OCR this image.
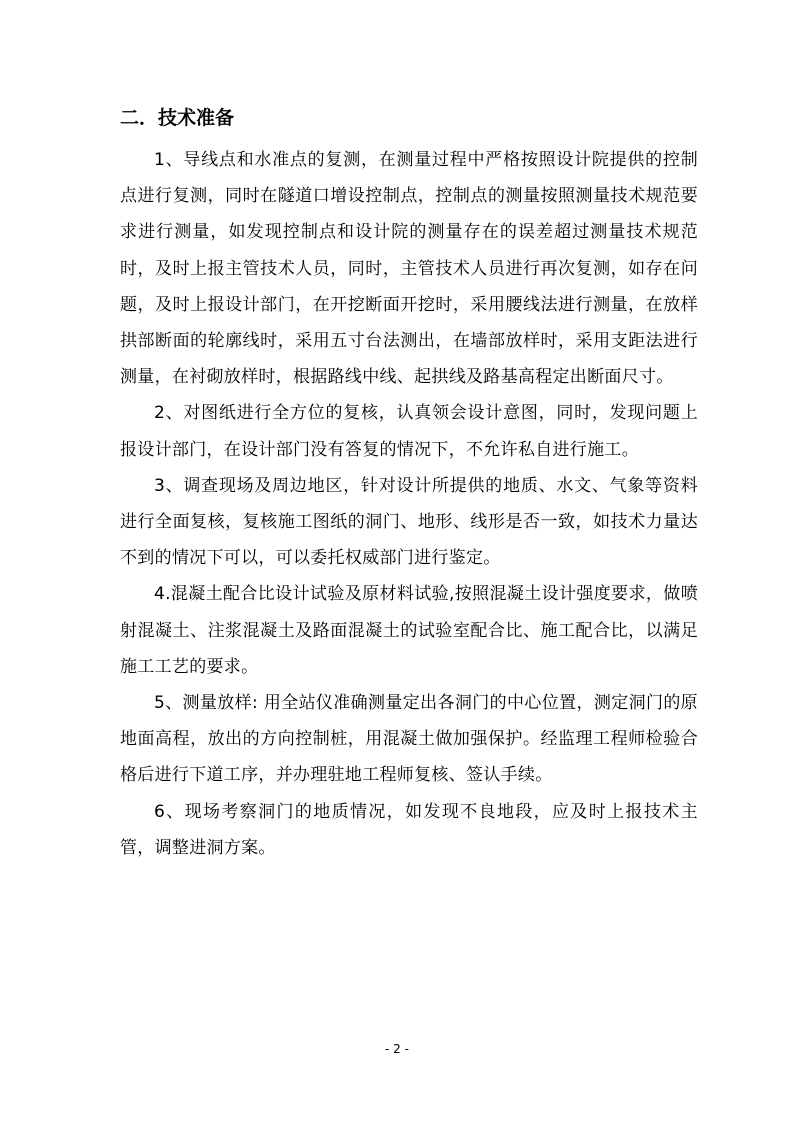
二．技术准备

1、导线点和水准点的复测，在测量过程中严格按照设计院提供的控制点进行复测，同时在隧道口增设控制点，控制点的测量按照测量技术规范要求进行测量，如发现控制点和设计院的测量存在的误差超过测量技术规范时，及时上报主管技术人员，同时，主管技术人员进行再次复测，如存在问题，及时上报设计部门，在开挖断面开挖时，采用腰线法进行测量，在放样拱部断面的轮廓线时，采用五寸台法测出，在墙部放样时，采用支距法进行测量，在衬砌放样时，根据路线中线、起拱线及路基高程定出断面尺寸。

2、对图纸进行全方位的复核，认真领会设计意图，同时，发现问题上报设计部门，在设计部门没有答复的情况下，不允许私自进行施工。

3、调查现场及周边地区，针对设计所提供的地质、水文、气象等资料进行全面复核，复核施工图纸的洞门、地形、线形是否一致，如技术力量达不到的情况下可以，可以委托权威部门进行鉴定。

4.混凝土配合比设计试验及原材料试验,按照混凝土设计强度要求，做喷射混凝土、注浆混凝土及路面混凝土的试验室配合比、施工配合比，以满足施工工艺的要求。

5、测量放样: 用全站仪准确测量定出各洞门的中心位置，测定洞门的原地面高程，放出的方向控制桩，用混凝土做加强保护。经监理工程师检验合格后进行下道工序，并办理驻地工程师复核、签认手续。

6、现场考察洞门的地质情况，如发现不良地段，应及时上报技术主管，调整进洞方案。

- 2 -
